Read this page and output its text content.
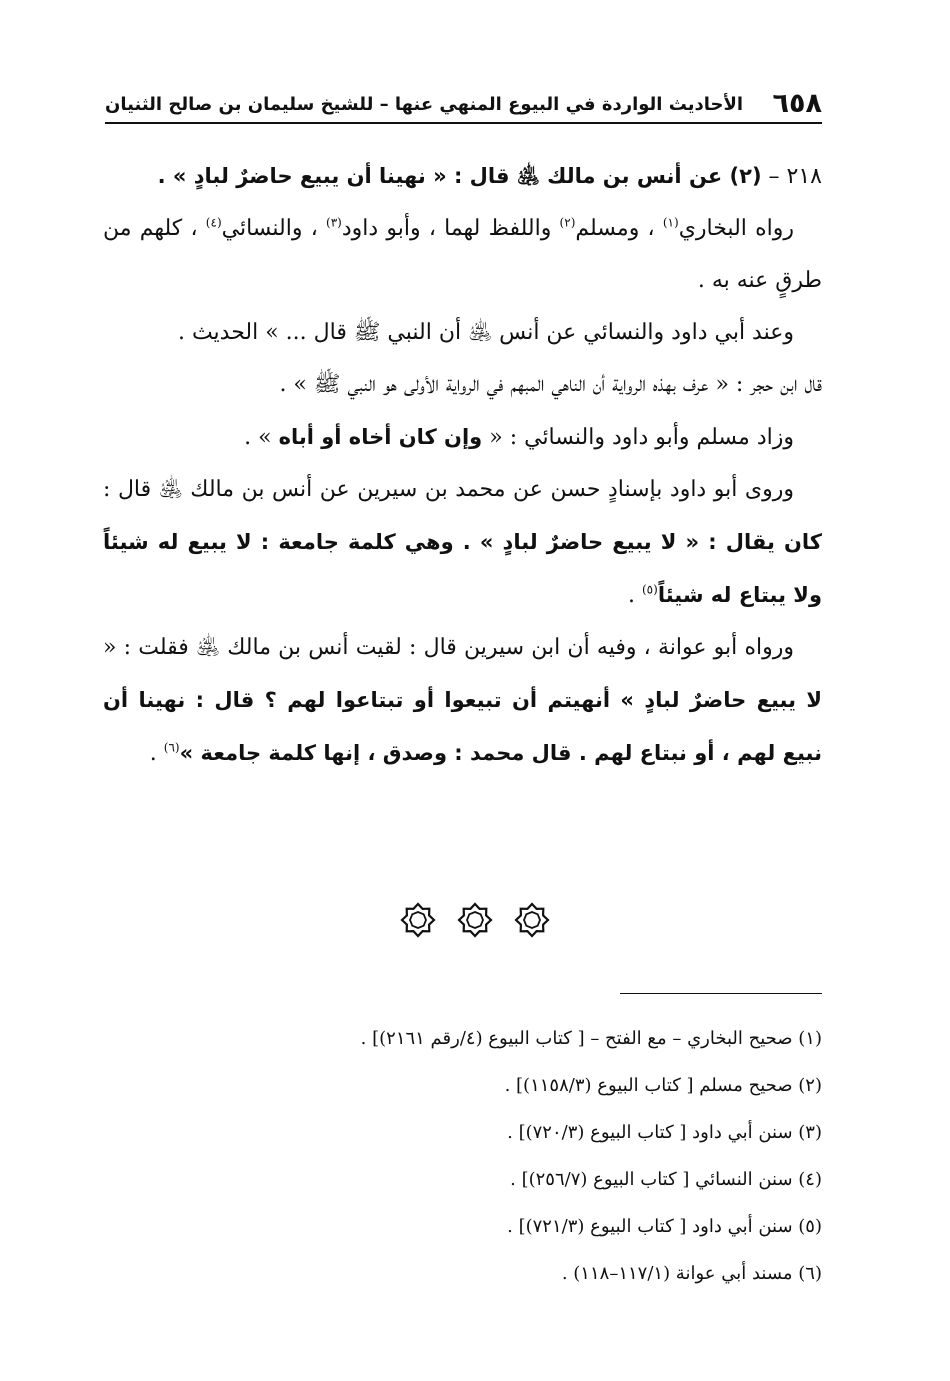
٦٥٨
الأحاديث الواردة في البيوع المنهي عنها – للشيخ سليمان بن صالح الثنيان

٢١٨ – (٢) عن أنس بن مالك ﵁ قال : « نهينا أن يبيع حاضرٌ لبادٍ » .

رواه البخاري$^{(١)}$ ، ومسلم$^{(٢)}$ واللفظ لهما ، وأبو داود$^{(٣)}$ ، والنسائي$^{(٤)}$ ، كلهم من طرقٍ عنه به .

وعند أبي داود والنسائي عن أنس ﵁ أن النبي ﷺ قال ... » الحديث .

قال ابن حجر : « عرف بهذه الرواية أن الناهي المبهم في الرواية الأولى هو النبي ﷺ » .

وزاد مسلم وأبو داود والنسائي : « وإن كان أخاه أو أباه » .

وروى أبو داود بإسنادٍ حسن عن محمد بن سيرين عن أنس بن مالك ﵁ قال : كان يقال : « لا يبيع حاضرٌ لبادٍ » . وهي كلمة جامعة : لا يبيع له شيئاً ولا يبتاع له شيئاً$^{(٥)}$ .

ورواه أبو عوانة ، وفيه أن ابن سيرين قال : لقيت أنس بن مالك ﵁ فقلت : « لا يبيع حاضرٌ لبادٍ » أنهيتم أن تبيعوا أو تبتاعوا لهم ؟ قال : نهينا أن نبيع لهم ، أو نبتاع لهم . قال محمد : وصدق ، إنها كلمة جامعة »$^{(٦)}$ .

(١) صحيح البخاري – مع الفتح – [ كتاب البيوع (٤/رقم ٢١٦١)] .
(٢) صحيح مسلم [ كتاب البيوع (١١٥٨/٣)] .
(٣) سنن أبي داود [ كتاب البيوع (٧٢٠/٣)] .
(٤) سنن النسائي [ كتاب البيوع (٢٥٦/٧)] .
(٥) سنن أبي داود [ كتاب البيوع (٧٢١/٣)] .
(٦) مسند أبي عوانة (١١٧/١–١١٨) .
